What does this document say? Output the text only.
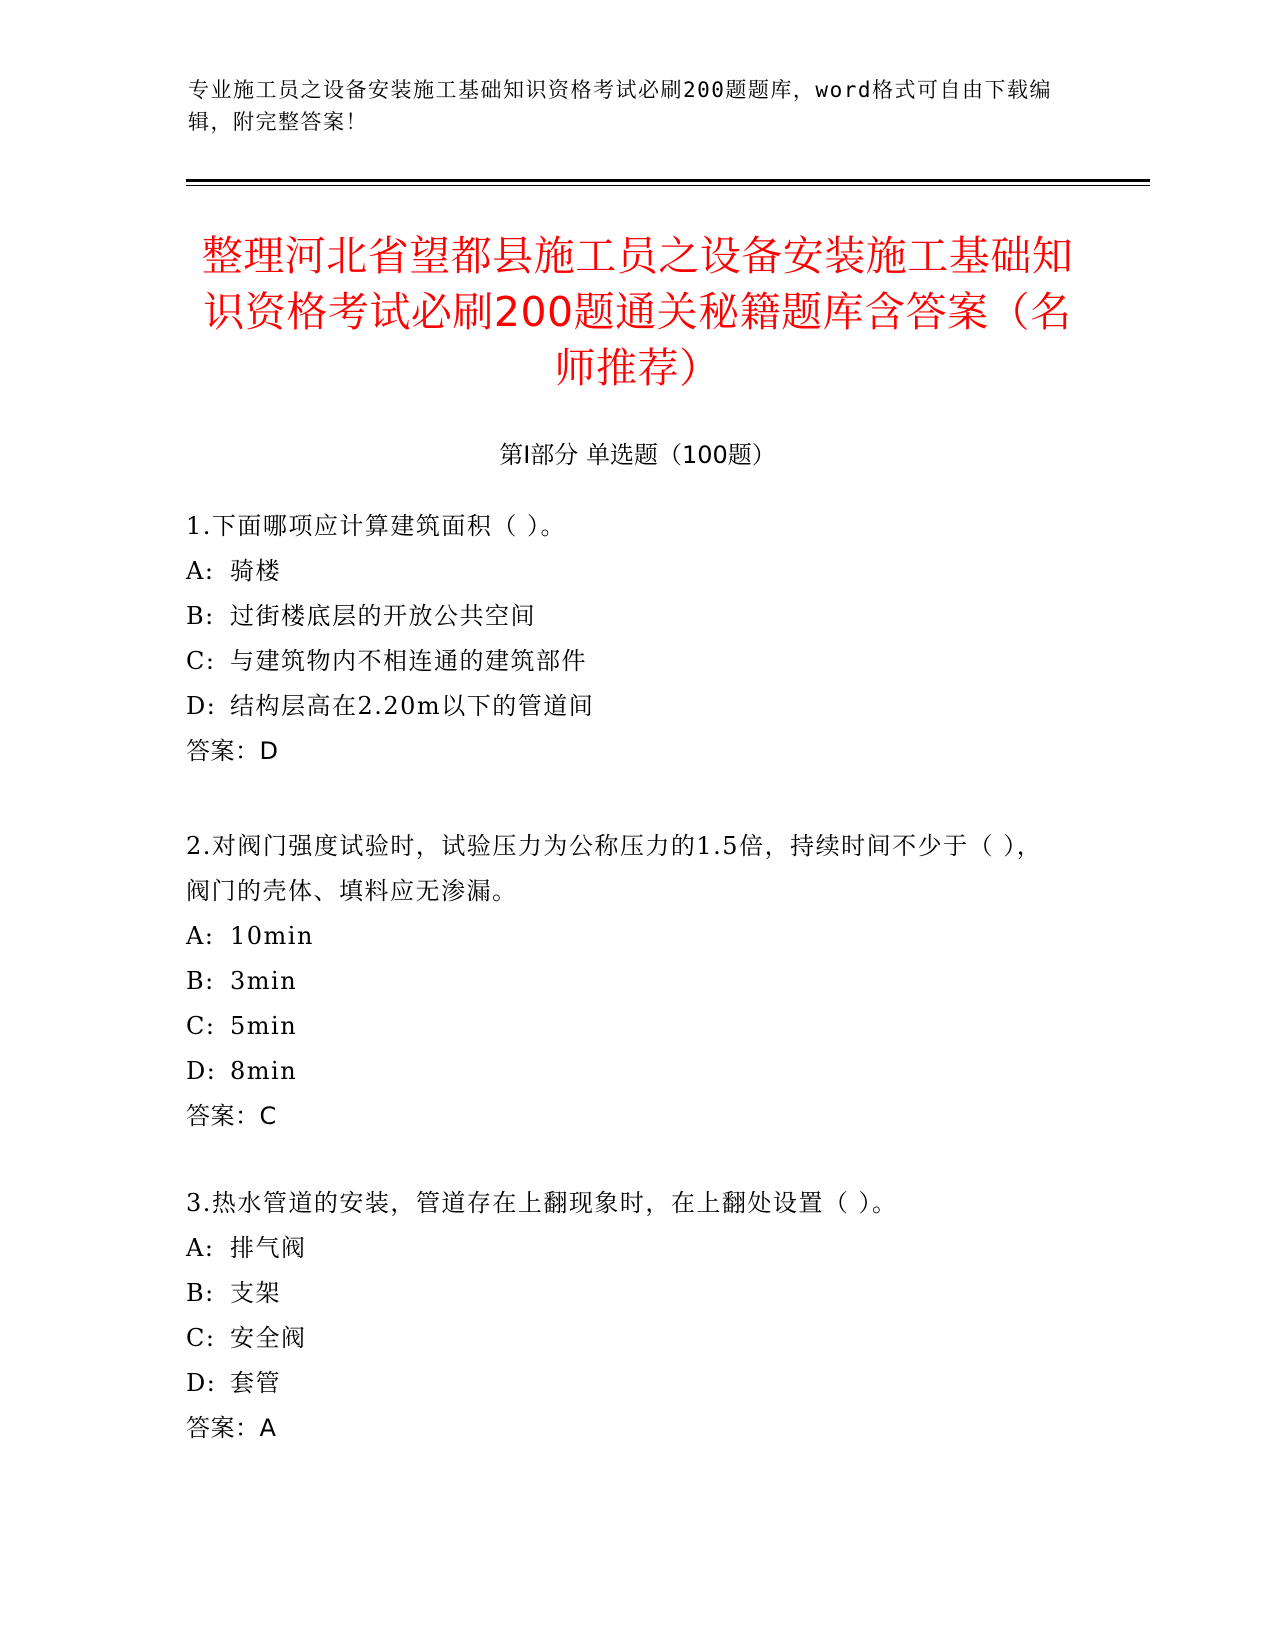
专业施工员之设备安装施工基础知识资格考试必刷200题题库，word格式可自由下载编辑，附完整答案！
整理河北省望都县施工员之设备安装施工基础知识资格考试必刷200题通关秘籍题库含答案（名师推荐）
第Ⅰ部分 单选题（100题）
1.下面哪项应计算建筑面积（ ）。
A: 骑楼
B: 过街楼底层的开放公共空间
C: 与建筑物内不相连通的建筑部件
D: 结构层高在2.20m以下的管道间
答案：D
2.对阀门强度试验时，试验压力为公称压力的1.5倍，持续时间不少于（ ），阀门的壳体、填料应无渗漏。
A: 10min
B: 3min
C: 5min
D: 8min
答案：C
3.热水管道的安装，管道存在上翻现象时，在上翻处设置（ ）。
A: 排气阀
B: 支架
C: 安全阀
D: 套管
答案：A
